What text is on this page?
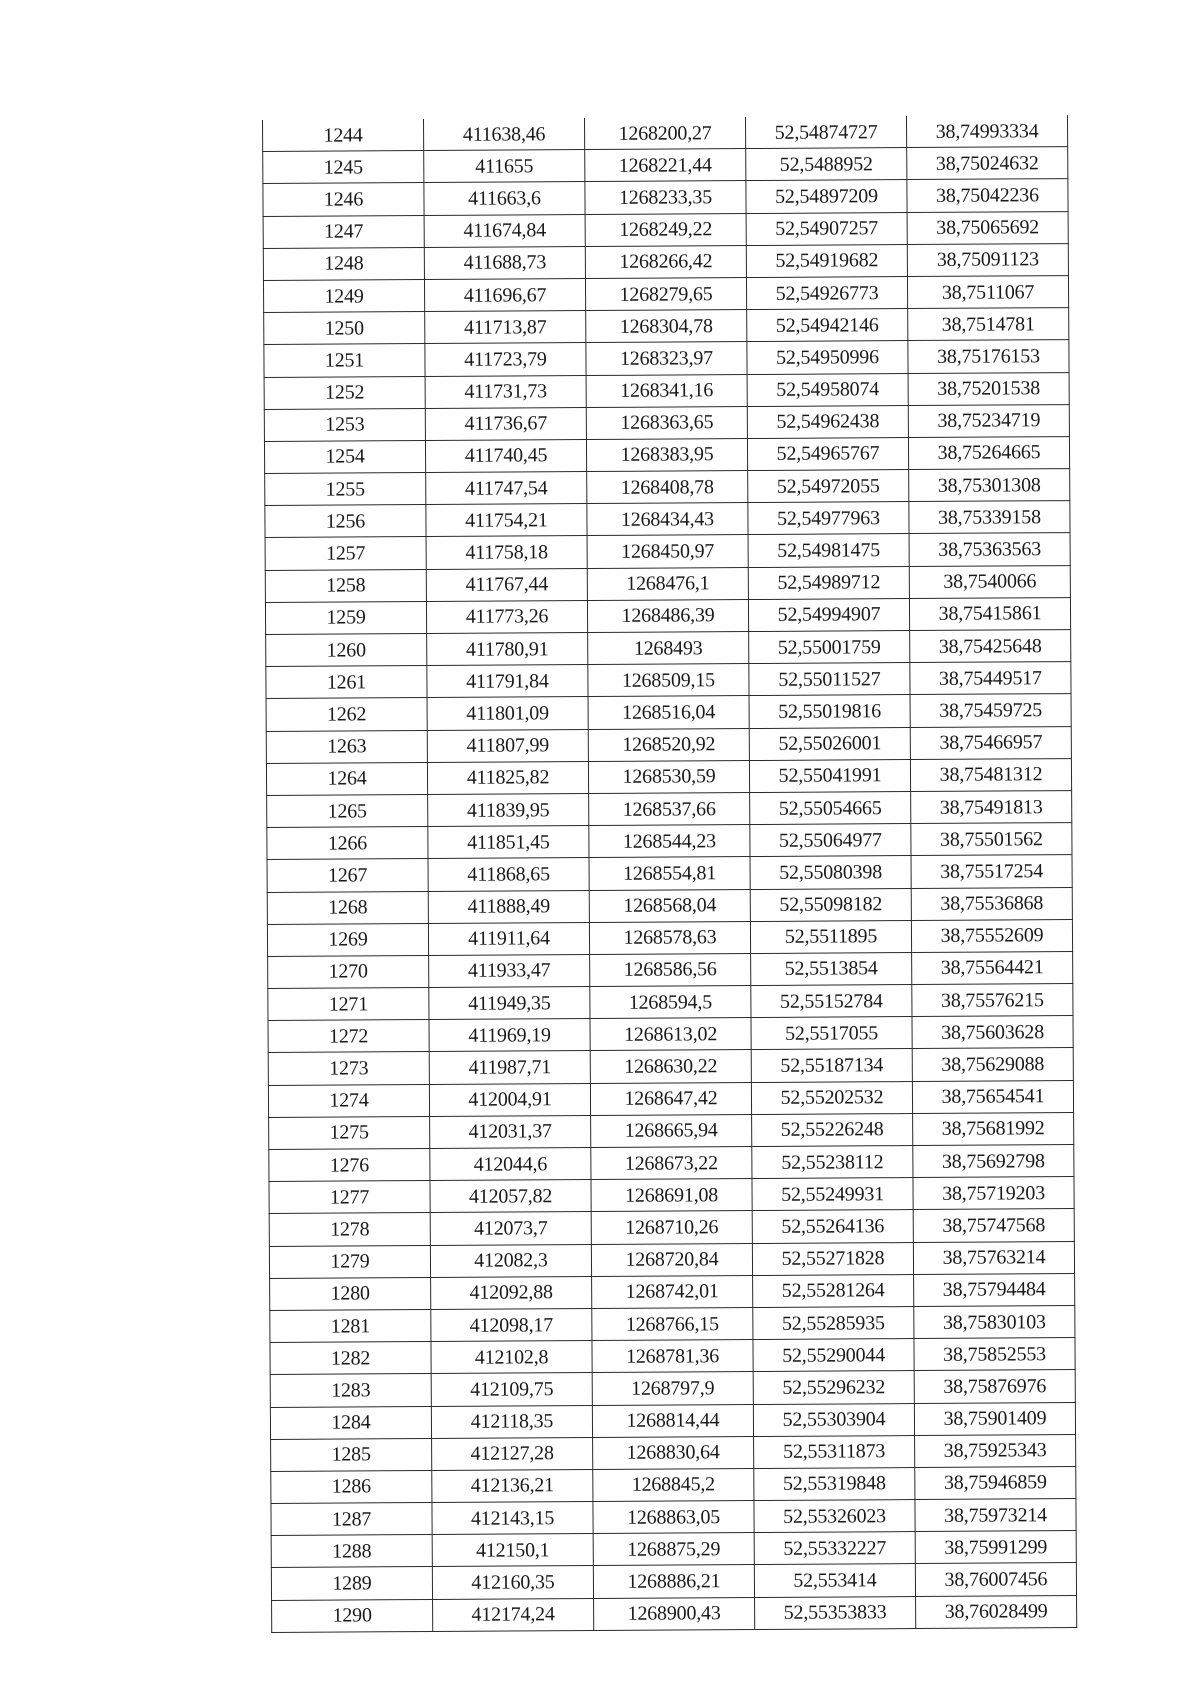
1244	411638,46	1268200,27	52,54874727	38,74993334
1245	411655	1268221,44	52,5488952	38,75024632
1246	411663,6	1268233,35	52,54897209	38,75042236
1247	411674,84	1268249,22	52,54907257	38,75065692
1248	411688,73	1268266,42	52,54919682	38,75091123
1249	411696,67	1268279,65	52,54926773	38,7511067
1250	411713,87	1268304,78	52,54942146	38,7514781
1251	411723,79	1268323,97	52,54950996	38,75176153
1252	411731,73	1268341,16	52,54958074	38,75201538
1253	411736,67	1268363,65	52,54962438	38,75234719
1254	411740,45	1268383,95	52,54965767	38,75264665
1255	411747,54	1268408,78	52,54972055	38,75301308
1256	411754,21	1268434,43	52,54977963	38,75339158
1257	411758,18	1268450,97	52,54981475	38,75363563
1258	411767,44	1268476,1	52,54989712	38,7540066
1259	411773,26	1268486,39	52,54994907	38,75415861
1260	411780,91	1268493	52,55001759	38,75425648
1261	411791,84	1268509,15	52,55011527	38,75449517
1262	411801,09	1268516,04	52,55019816	38,75459725
1263	411807,99	1268520,92	52,55026001	38,75466957
1264	411825,82	1268530,59	52,55041991	38,75481312
1265	411839,95	1268537,66	52,55054665	38,75491813
1266	411851,45	1268544,23	52,55064977	38,75501562
1267	411868,65	1268554,81	52,55080398	38,75517254
1268	411888,49	1268568,04	52,55098182	38,75536868
1269	411911,64	1268578,63	52,5511895	38,75552609
1270	411933,47	1268586,56	52,5513854	38,75564421
1271	411949,35	1268594,5	52,55152784	38,75576215
1272	411969,19	1268613,02	52,5517055	38,75603628
1273	411987,71	1268630,22	52,55187134	38,75629088
1274	412004,91	1268647,42	52,55202532	38,75654541
1275	412031,37	1268665,94	52,55226248	38,75681992
1276	412044,6	1268673,22	52,55238112	38,75692798
1277	412057,82	1268691,08	52,55249931	38,75719203
1278	412073,7	1268710,26	52,55264136	38,75747568
1279	412082,3	1268720,84	52,55271828	38,75763214
1280	412092,88	1268742,01	52,55281264	38,75794484
1281	412098,17	1268766,15	52,55285935	38,75830103
1282	412102,8	1268781,36	52,55290044	38,75852553
1283	412109,75	1268797,9	52,55296232	38,75876976
1284	412118,35	1268814,44	52,55303904	38,75901409
1285	412127,28	1268830,64	52,55311873	38,75925343
1286	412136,21	1268845,2	52,55319848	38,75946859
1287	412143,15	1268863,05	52,55326023	38,75973214
1288	412150,1	1268875,29	52,55332227	38,75991299
1289	412160,35	1268886,21	52,553414	38,76007456
1290	412174,24	1268900,43	52,55353833	38,76028499
